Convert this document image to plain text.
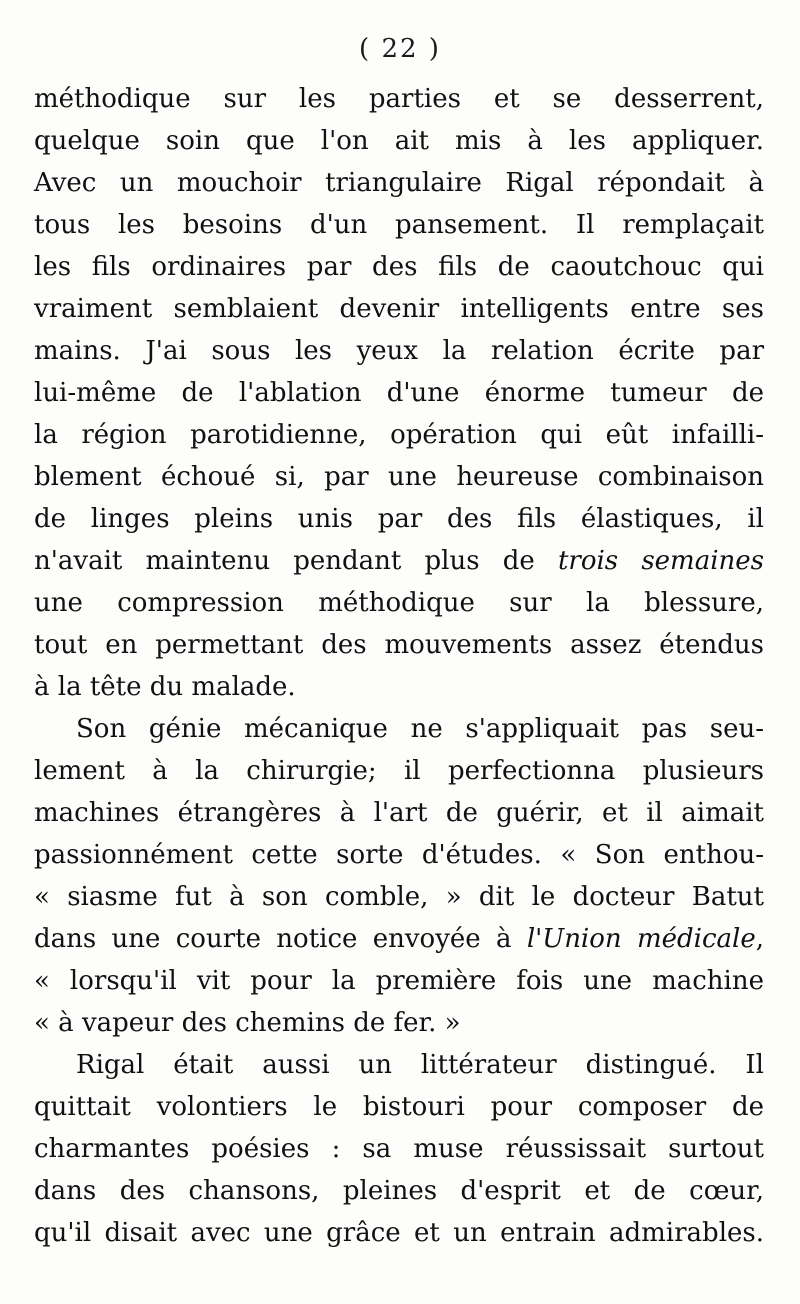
( 22 )
méthodique sur les parties et se desserrent,
quelque soin que l'on ait mis à les appliquer.
Avec un mouchoir triangulaire Rigal répondait à
tous les besoins d'un pansement. Il remplaçait
les fils ordinaires par des fils de caoutchouc qui
vraiment semblaient devenir intelligents entre ses
mains. J'ai sous les yeux la relation écrite par
lui-même de l'ablation d'une énorme tumeur de
la région parotidienne, opération qui eût infailli-
blement échoué si, par une heureuse combinaison
de linges pleins unis par des fils élastiques, il
n'avait maintenu pendant plus de trois semaines
une compression méthodique sur la blessure,
tout en permettant des mouvements assez étendus
à la tête du malade.
Son génie mécanique ne s'appliquait pas seu-
lement à la chirurgie; il perfectionna plusieurs
machines étrangères à l'art de guérir, et il aimait
passionnément cette sorte d'études. « Son enthou-
« siasme fut à son comble, » dit le docteur Batut
dans une courte notice envoyée à l'Union médicale,
« lorsqu'il vit pour la première fois une machine
« à vapeur des chemins de fer. »
Rigal était aussi un littérateur distingué. Il
quittait volontiers le bistouri pour composer de
charmantes poésies : sa muse réussissait surtout
dans des chansons, pleines d'esprit et de cœur,
qu'il disait avec une grâce et un entrain admirables.
